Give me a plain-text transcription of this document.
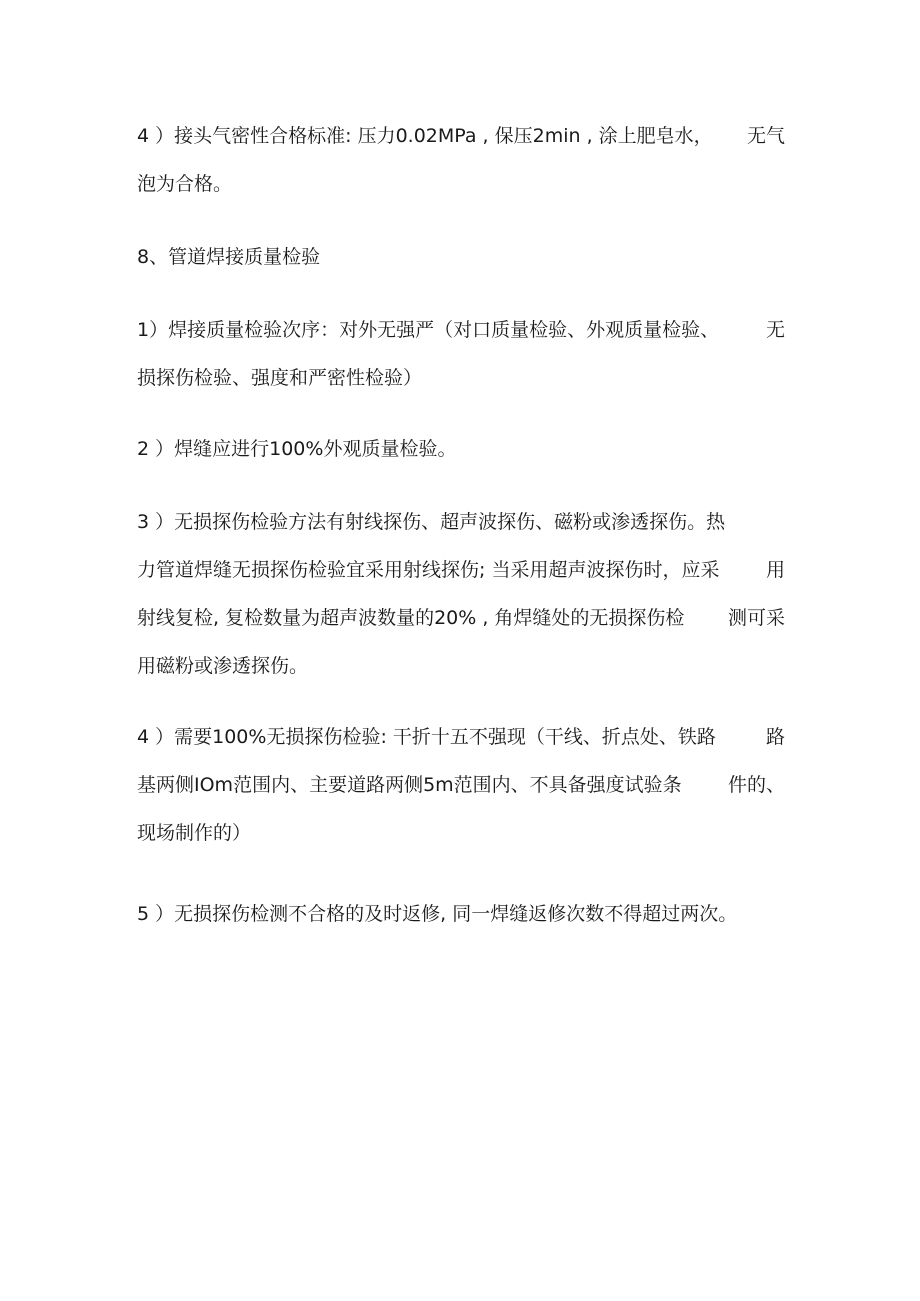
4 ）接头气密性合格标准: 压力0.02MPa , 保压2min , 涂上肥皂水， 无气
泡为合格。

8、管道焊接质量检验

1）焊接质量检验次序：对外无强严（对口质量检验、外观质量检验、 无
损探伤检验、强度和严密性检验）

2 ）焊缝应进行100%外观质量检验。

3 ）无损探伤检验方法有射线探伤、超声波探伤、磁粉或渗透探伤。热
力管道焊缝无损探伤检验宜采用射线探伤; 当采用超声波探伤时，应采 用
射线复检, 复检数量为超声波数量的20% , 角焊缝处的无损探伤检 测可采
用磁粉或渗透探伤。

4 ）需要100%无损探伤检验: 干折十五不强现（干线、折点处、铁路	路
基两侧IOm范围内、主要道路两侧5m范围内、不具备强度试验条 件的、
现场制作的）

5 ）无损探伤检测不合格的及时返修, 同一焊缝返修次数不得超过两次。
